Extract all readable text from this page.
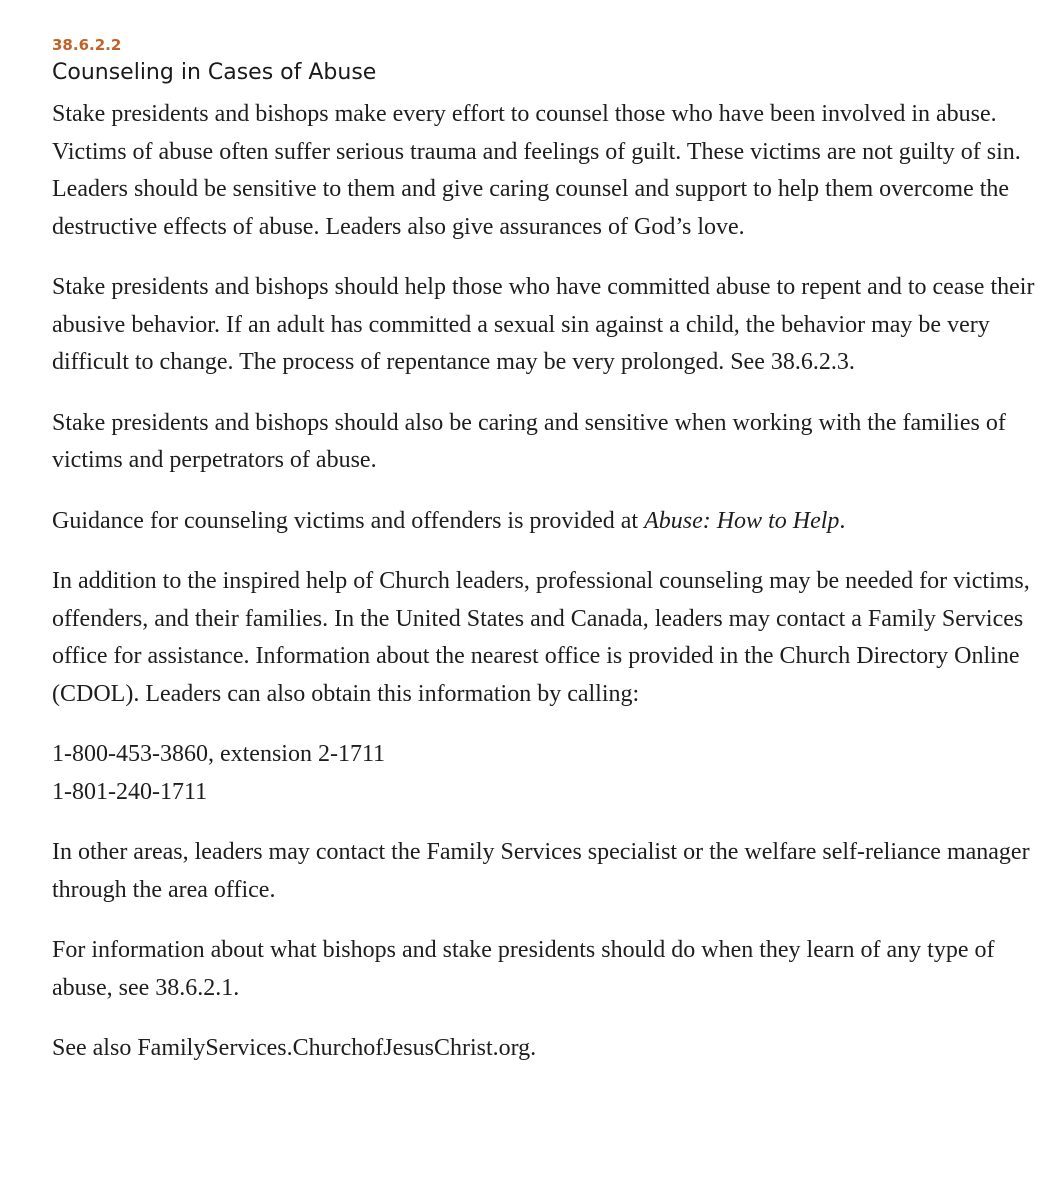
38.6.2.2
Counseling in Cases of Abuse

Stake presidents and bishops make every effort to counsel those who have been involved in abuse. Victims of abuse often suffer serious trauma and feelings of guilt. These victims are not guilty of sin. Leaders should be sensitive to them and give caring counsel and support to help them overcome the destructive effects of abuse. Leaders also give assurances of God’s love.

Stake presidents and bishops should help those who have committed abuse to repent and to cease their abusive behavior. If an adult has committed a sexual sin against a child, the behavior may be very difficult to change. The process of repentance may be very prolonged. See 38.6.2.3.

Stake presidents and bishops should also be caring and sensitive when working with the families of victims and perpetrators of abuse.

Guidance for counseling victims and offenders is provided at Abuse: How to Help.

In addition to the inspired help of Church leaders, professional counseling may be needed for victims, offenders, and their families. In the United States and Canada, leaders may contact a Family Services office for assistance. Information about the nearest office is provided in the Church Directory Online (CDOL). Leaders can also obtain this information by calling:

1-800-453-3860, extension 2-1711
1-801-240-1711

In other areas, leaders may contact the Family Services specialist or the welfare self-reliance manager through the area office.

For information about what bishops and stake presidents should do when they learn of any type of abuse, see 38.6.2.1.

See also FamilyServices.ChurchofJesusChrist.org.
